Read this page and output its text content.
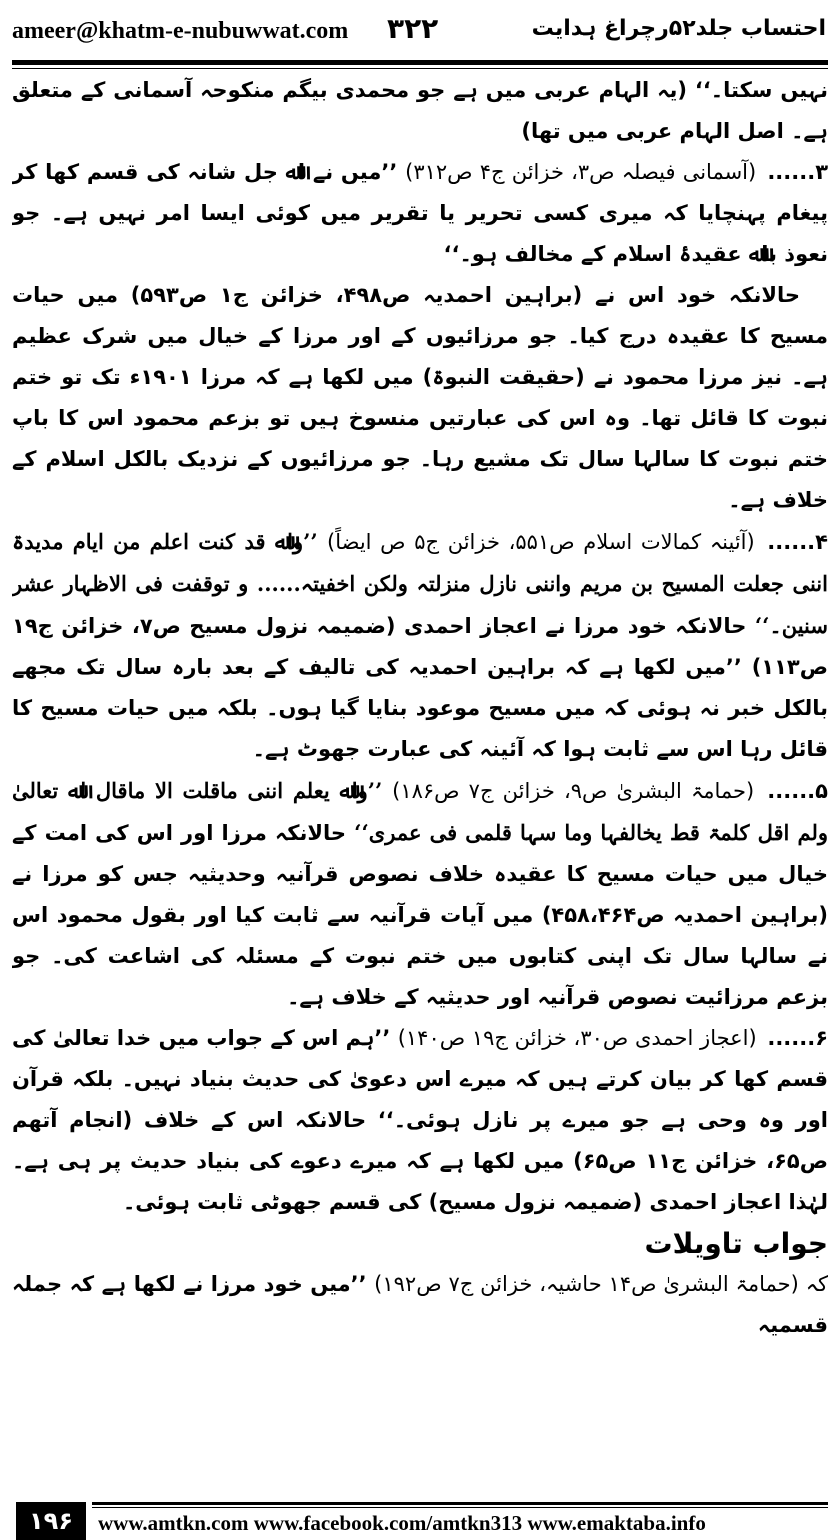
ameer@khatm-e-nubuwwat.com ۳۲۲	احتساب جلد۵۲رچراغ ہدایت

نہیں سکتا۔‘‘ (یہ الہام عربی میں ہے جو محمدی بیگم منکوحہ آسمانی کے متعلق ہے۔ اصل الہام عربی میں تھا)

۳...... (آسمانی فیصلہ ص۳، خزائن ج۴ ص۳۱۲) ’’میں نے اﷲ جل شانہ کی قسم کھا کر پیغام پہنچایا کہ میری کسی تحریر یا تقریر میں کوئی ایسا امر نہیں ہے۔ جو نعوذ باﷲ عقیدۂ اسلام کے مخالف ہو۔‘‘

حالانکہ خود اس نے (براہین احمدیہ ص۴۹۸، خزائن ج۱ ص۵۹۳) میں حیات مسیح کا عقیدہ درج کیا۔ جو مرزائیوں کے اور مرزا کے خیال میں شرک عظیم ہے۔ نیز مرزا محمود نے (حقیقت النبوۃ) میں لکھا ہے کہ مرزا ۱۹۰۱ء تک تو ختم نبوت کا قائل تھا۔ وہ اس کی عبارتیں منسوخ ہیں تو بزعم محمود اس کا باپ ختم نبوت کا سالہا سال تک مشیع رہا۔ جو مرزائیوں کے نزدیک بالکل اسلام کے خلاف ہے۔

۴...... (آئینہ کمالات اسلام ص۵۵۱، خزائن ج۵ ص ایضاً) ’’واﷲ قد کنت اعلم من ایام مدیدۃ اننی جعلت المسیح بن مریم واننی نازل منزلتہ ولکن اخفیتہ...... و توقفت فی الاظہار عشر سنین۔‘‘ حالانکہ خود مرزا نے اعجاز احمدی (ضمیمہ نزول مسیح ص۷، خزائن ج۱۹ ص۱۱۳) ’’میں لکھا ہے کہ براہین احمدیہ کی تالیف کے بعد بارہ سال تک مجھے بالکل خبر نہ ہوئی کہ میں مسیح موعود بنایا گیا ہوں۔ بلکہ میں حیات مسیح کا قائل رہا اس سے ثابت ہوا کہ آئینہ کی عبارت جھوٹ ہے۔

۵...... (حمامۃ البشریٰ ص۹، خزائن ج۷ ص۱۸۶) ’’واﷲ یعلم اننی ماقلت الا ماقال اﷲ تعالیٰ ولم اقل کلمۃ قط یخالفہا وما سہا قلمی فی عمری‘‘ حالانکہ مرزا اور اس کی امت کے خیال میں حیات مسیح کا عقیدہ خلاف نصوص قرآنیہ وحدیثیہ جس کو مرزا نے (براہین احمدیہ ص۴۵۸،۴۶۴) میں آیات قرآنیہ سے ثابت کیا اور بقول محمود اس نے سالہا سال تک اپنی کتابوں میں ختم نبوت کے مسئلہ کی اشاعت کی۔ جو بزعم مرزائیت نصوص قرآنیہ اور حدیثیہ کے خلاف ہے۔

۶...... (اعجاز احمدی ص۳۰، خزائن ج۱۹ ص۱۴۰) ’’ہم اس کے جواب میں خدا تعالیٰ کی قسم کھا کر بیان کرتے ہیں کہ میرے اس دعویٰ کی حدیث بنیاد نہیں۔ بلکہ قرآن اور وہ وحی ہے جو میرے پر نازل ہوئی۔‘‘ حالانکہ اس کے خلاف (انجام آتھم ص۶۵، خزائن ج۱۱ ص۶۵) میں لکھا ہے کہ میرے دعوے کی بنیاد حدیث پر ہی ہے۔ لہٰذا اعجاز احمدی (ضمیمہ نزول مسیح) کی قسم جھوٹی ثابت ہوئی۔

جواب تاویلات

کہ (حمامۃ البشریٰ ص۱۴ حاشیہ، خزائن ج۷ ص۱۹۲) ’’میں خود مرزا نے لکھا ہے کہ جملہ قسمیہ

۱۹۶	www.amtkn.com www.facebook.com/amtkn313 www.emaktaba.info
